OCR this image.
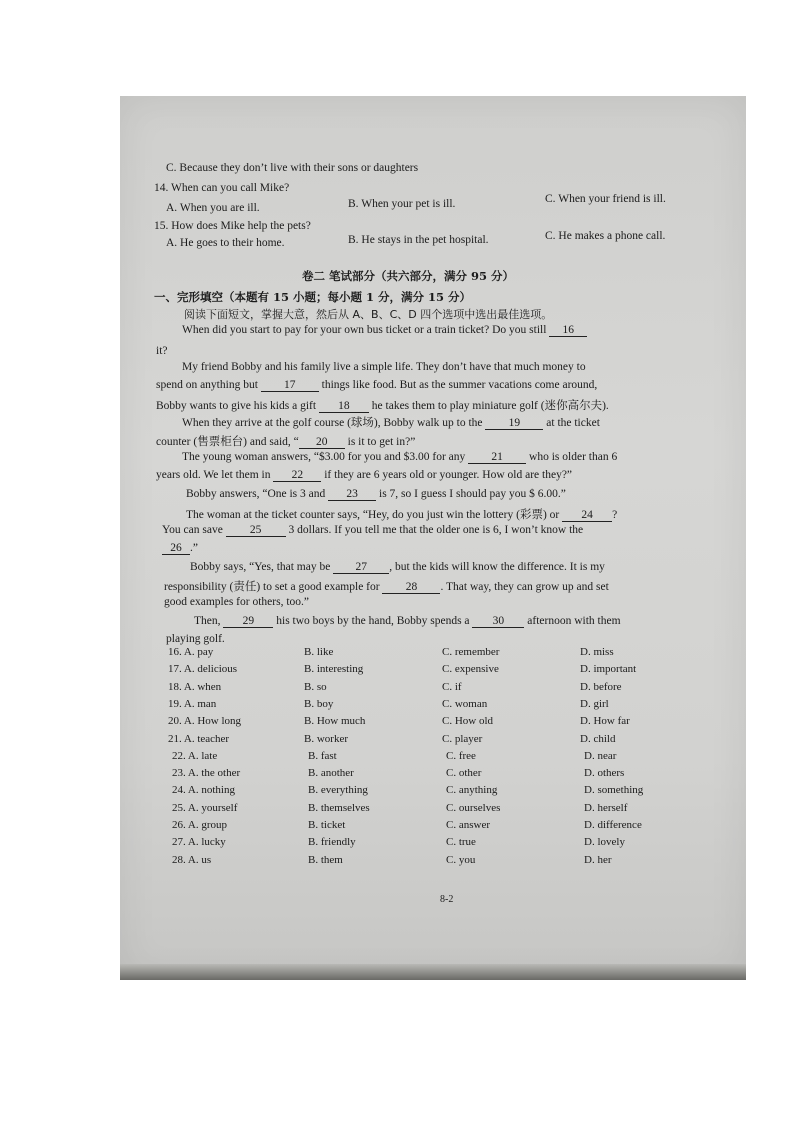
C. Because they don’t live with their sons or daughters
14. When can you call Mike?
A. When you are ill.	B. When your pet is ill.	C. When your friend is ill.
15. How does Mike help the pets?
A. He goes to their home.	B. He stays in the pet hospital.	C. He makes a phone call.
卷二 笔试部分（共六部分，满分 95 分）
一、完形填空（本题有 15 小题；每小题 1 分，满分 15 分）
阅读下面短文，掌握大意，然后从 A、B、C、D 四个选项中选出最佳选项。
When did you start to pay for your own bus ticket or a train ticket? Do you still 16
it?
My friend Bobby and his family live a simple life. They don’t have that much money to
spend on anything but 17 things like food. But as the summer vacations come around,
Bobby wants to give his kids a gift 18 he takes them to play miniature golf (迷你高尔夫).
When they arrive at the golf course (球场), Bobby walk up to the 19 at the ticket
counter (售票柜台) and said, “ 20 is it to get in?”
The young woman answers, “$3.00 for you and $3.00 for any 21 who is older than 6
years old. We let them in 22 if they are 6 years old or younger. How old are they?”
Bobby answers, “One is 3 and 23 is 7, so I guess I should pay you $ 6.00.”
The woman at the ticket counter says, “Hey, do you just win the lottery (彩票) or 24 ?
You can save 25 3 dollars. If you tell me that the older one is 6, I won’t know the
26 .”
Bobby says, “Yes, that may be 27 , but the kids will know the difference. It is my
responsibility (责任) to set a good example for 28 . That way, they can grow up and set
good examples for others, too.”
Then, 29 his two boys by the hand, Bobby spends a 30 afternoon with them
playing golf.
16. A. pay	B. like	C. remember	D. miss
17. A. delicious	B. interesting	C. expensive	D. important
18. A. when	B. so	C. if	D. before
19. A. man	B. boy	C. woman	D. girl
20. A. How long	B. How much	C. How old	D. How far
21. A. teacher	B. worker	C. player	D. child
22. A. late	B. fast	C. free	D. near
23. A. the other	B. another	C. other	D. others
24. A. nothing	B. everything	C. anything	D. something
25. A. yourself	B. themselves	C. ourselves	D. herself
26. A. group	B. ticket	C. answer	D. difference
27. A. lucky	B. friendly	C. true	D. lovely
28. A. us	B. them	C. you	D. her
8-2
